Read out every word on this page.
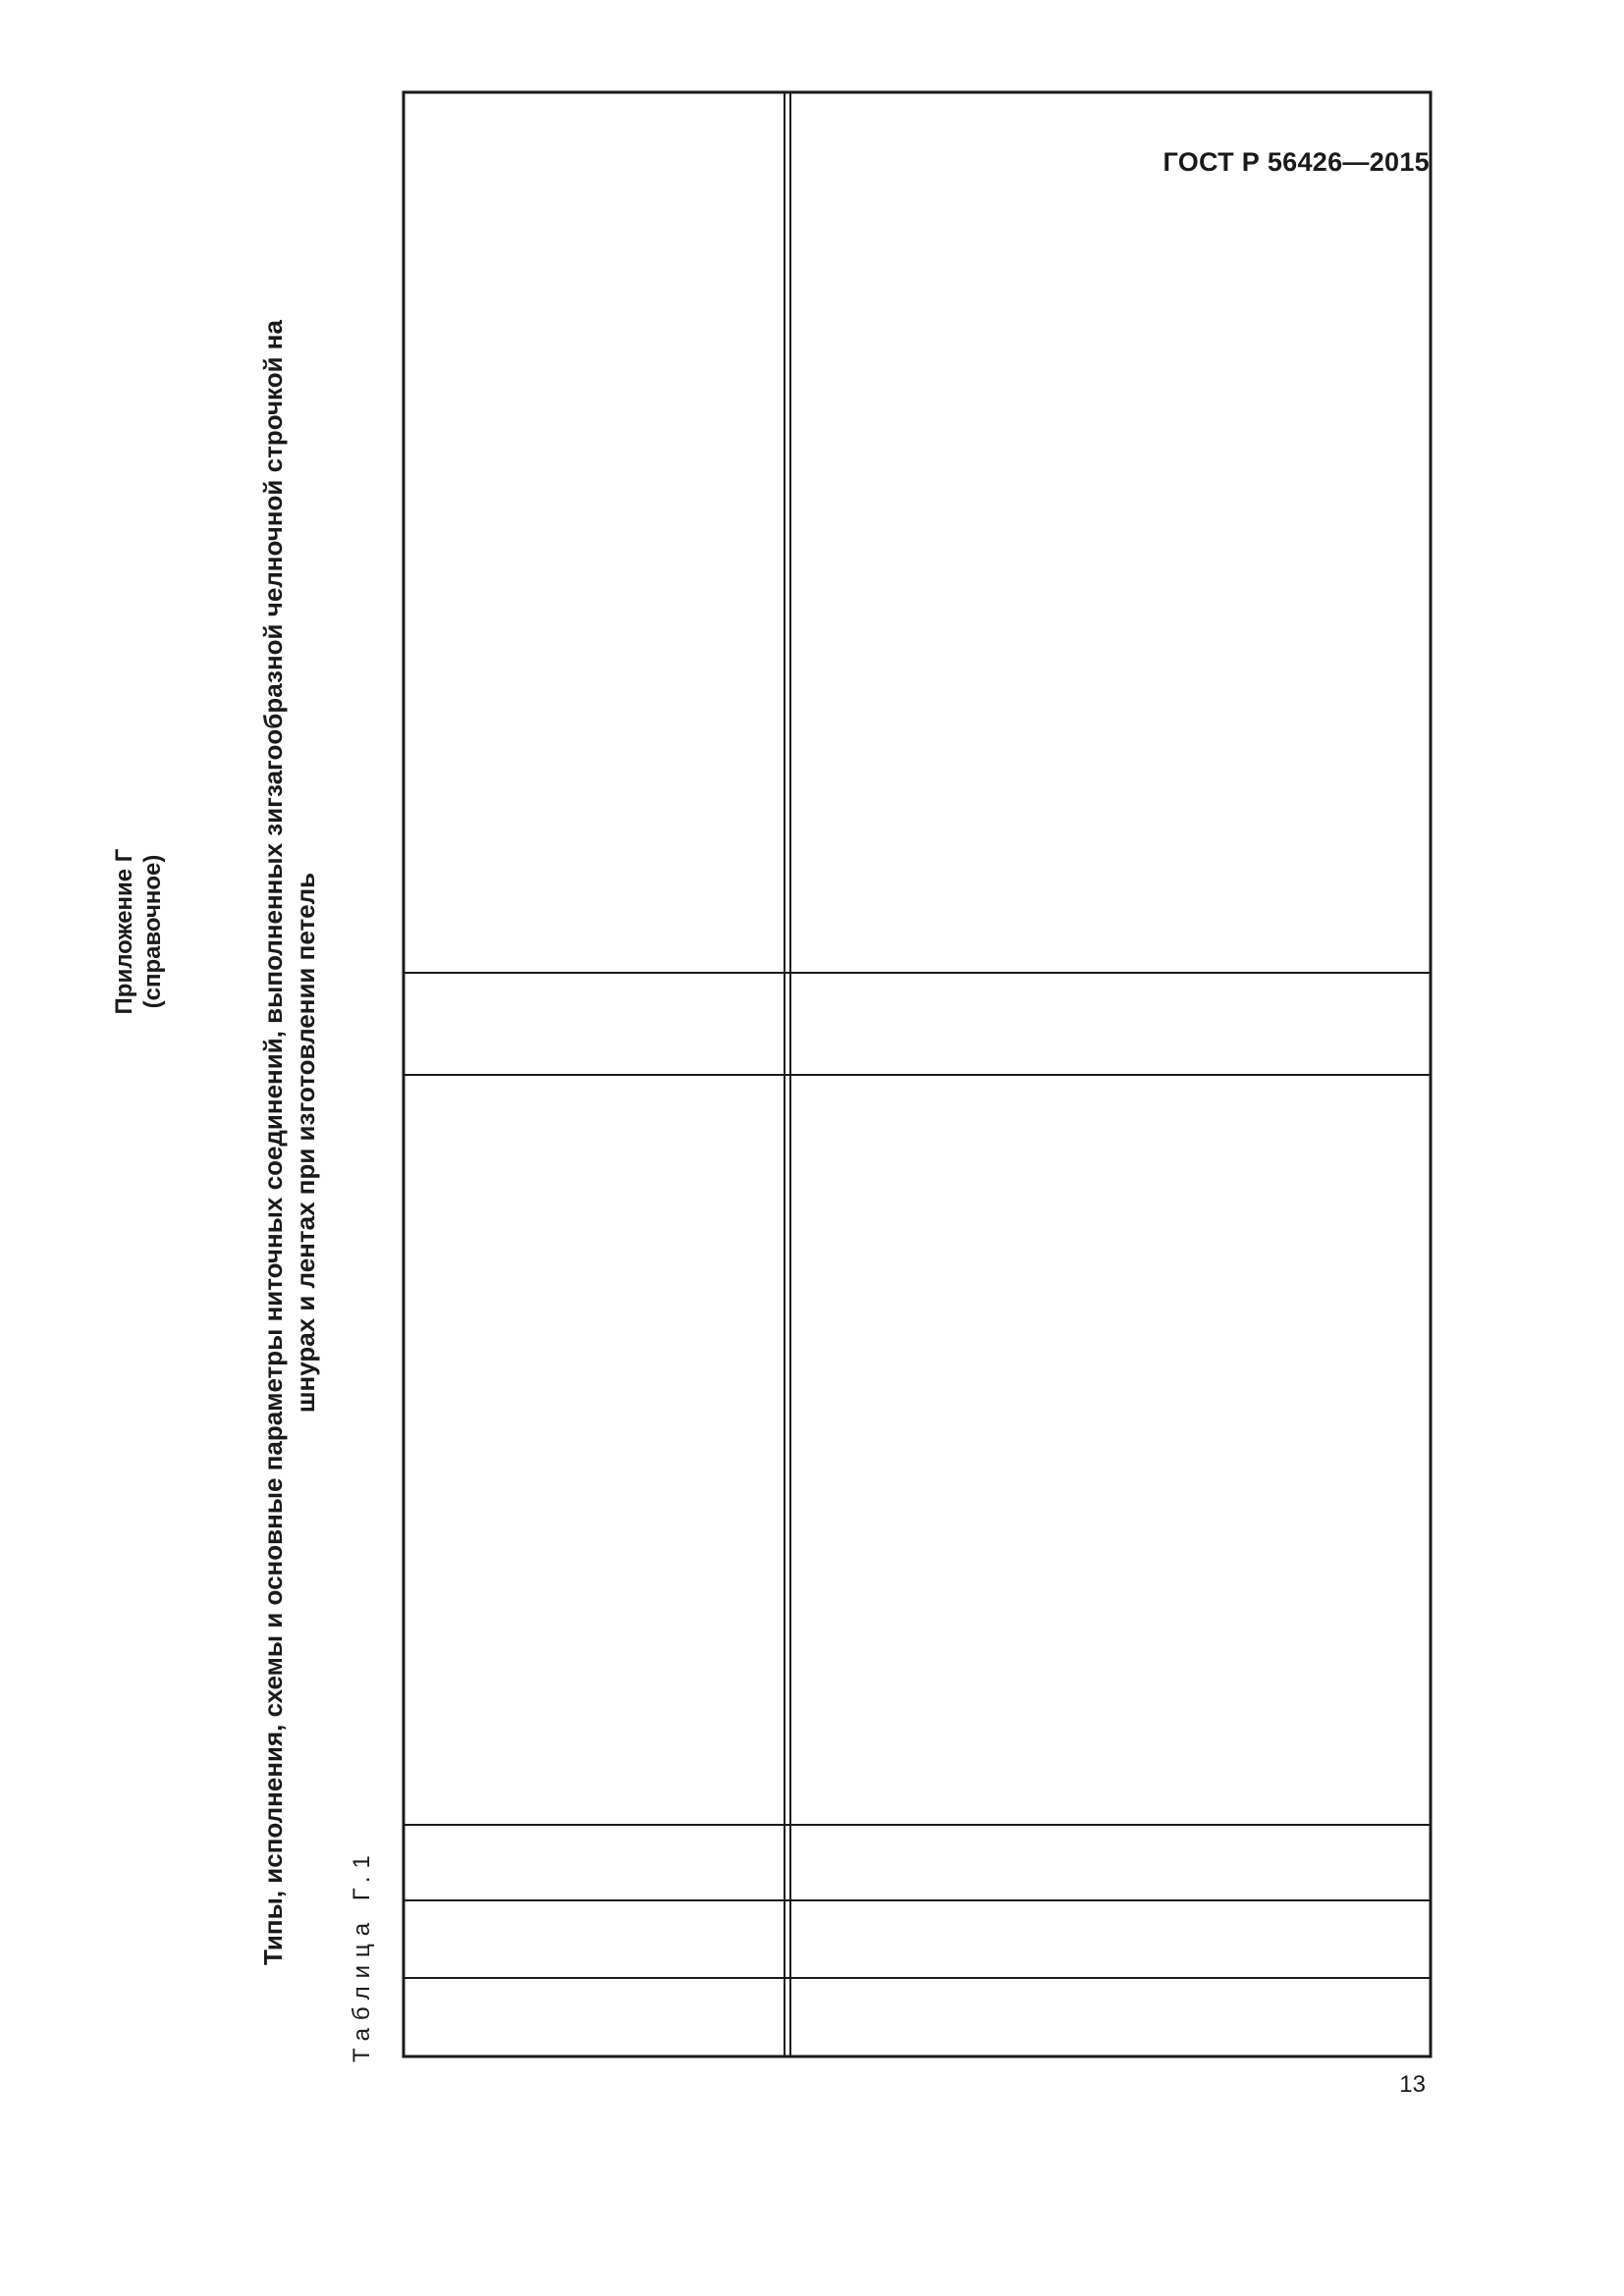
ГОСТ Р 56426—2015
13
Приложение Г (справочное)	Типы, исполнения, схемы и основные параметры ниточных соединений, выполненных зигзагообразной челночной строчкой на шнурах и лентах при изготовлении петель
Таблица Г.1
